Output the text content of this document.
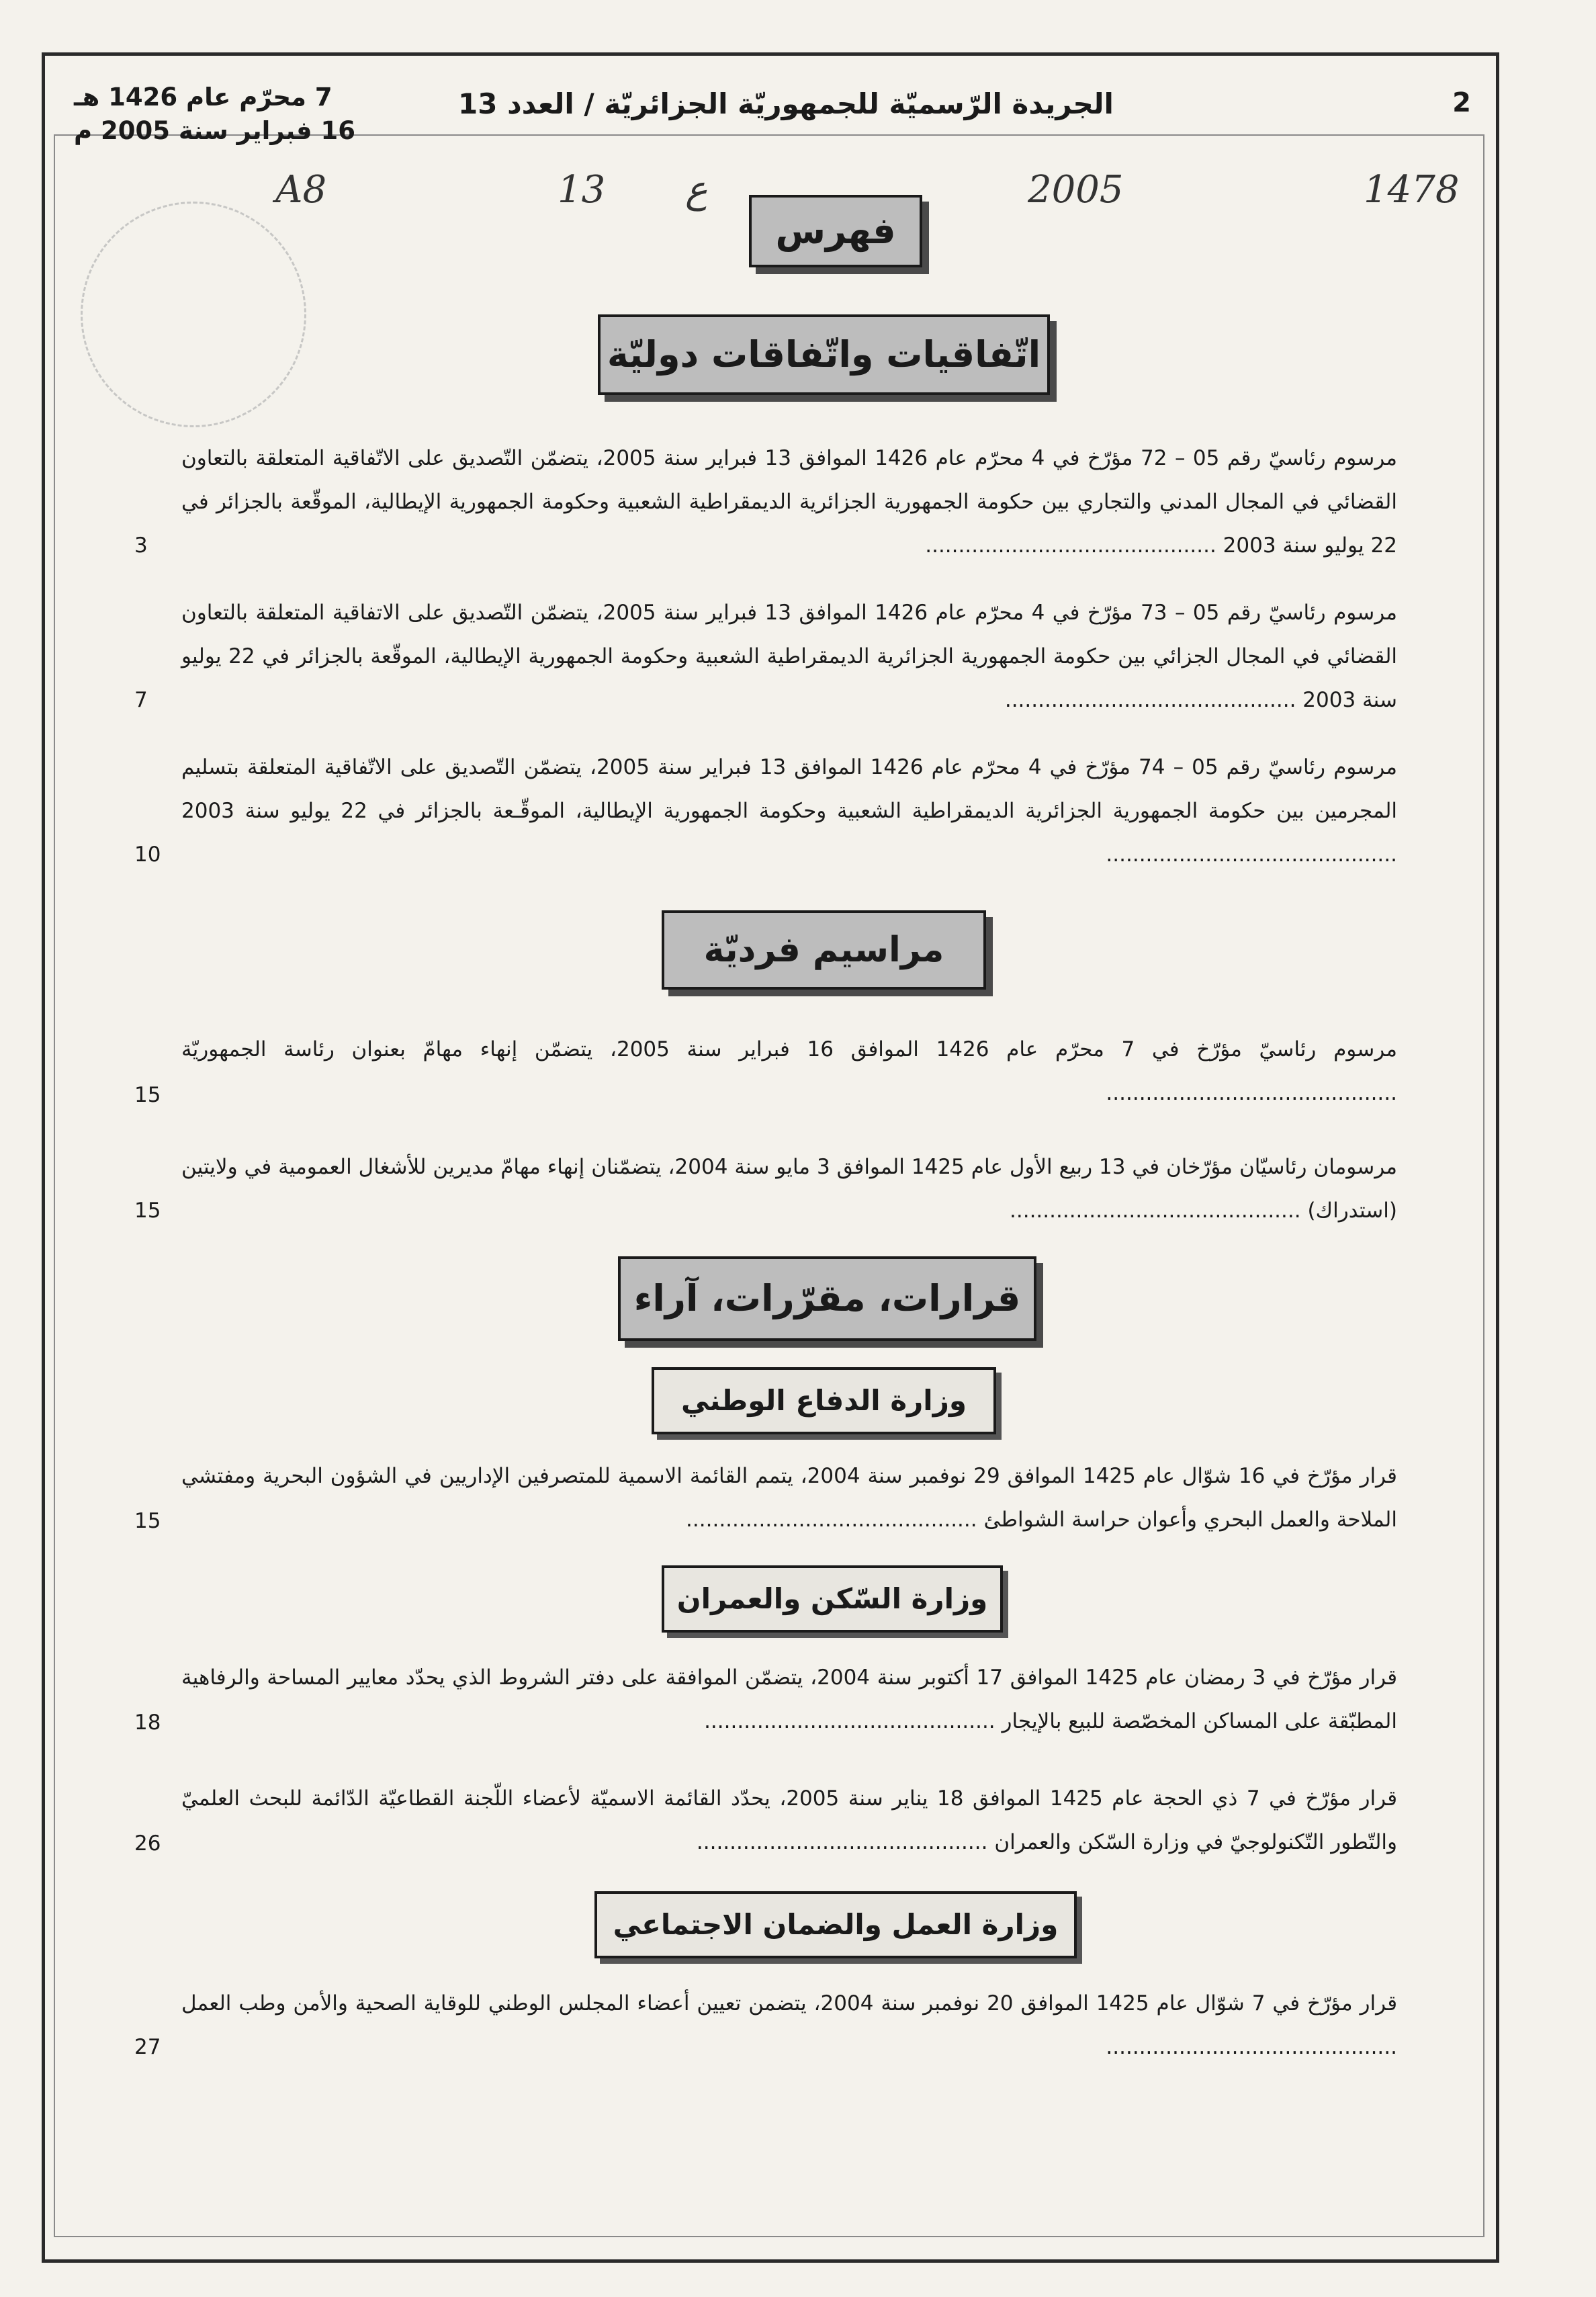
7 محرّم عام 1426 هـ
16 فبراير سنة 2005 م
الجريدة الرّسميّة للجمهوريّة الجزائريّة / العدد 13	2
1478
2005
ع
13
A8
فهرس
اتّفاقيات واتّفاقات دوليّة
مرسوم رئاسيّ رقم 05 – 72 مؤرّخ في 4 محرّم عام 1426 الموافق 13 فبراير سنة 2005، يتضمّن التّصديق على الاتّفاقية المتعلقة بالتعاون القضائي في المجال المدني والتجاري بين حكومة الجمهورية الجزائرية الديمقراطية الشعبية وحكومة الجمهورية الإيطالية، الموقّعة بالجزائر في 22 يوليو سنة 2003 ............................................
3
مرسوم رئاسيّ رقم 05 – 73 مؤرّخ في 4 محرّم عام 1426 الموافق 13 فبراير سنة 2005، يتضمّن التّصديق على الاتفاقية المتعلقة بالتعاون القضائي في المجال الجزائي بين حكومة الجمهورية الجزائرية الديمقراطية الشعبية وحكومة الجمهورية الإيطالية، الموقّعة بالجزائر في 22 يوليو سنة 2003 ............................................
7
مرسوم رئاسيّ رقم 05 – 74 مؤرّخ في 4 محرّم عام 1426 الموافق 13 فبراير سنة 2005، يتضمّن التّصديق على الاتّفاقية المتعلقة بتسليم المجرمين بين حكومة الجمهورية الجزائرية الديمقراطية الشعبية وحكومة الجمهورية الإيطالية، الموقّـعة بالجزائر في 22 يوليو سنة 2003 ............................................
10
مراسيم فرديّة
مرسوم رئاسيّ مؤرّخ في 7 محرّم عام 1426 الموافق 16 فبراير سنة 2005، يتضمّن إنهاء مهامّ بعنوان رئاسة الجمهوريّة ............................................
15
مرسومان رئاسيّان مؤرّخان في 13 ربيع الأول عام 1425 الموافق 3 مايو سنة 2004، يتضمّنان إنهاء مهامّ مديرين للأشغال العمومية في ولايتين (استدراك) ............................................
15
قرارات، مقرّرات، آراء
وزارة الدفاع الوطني
قرار مؤرّخ في 16 شوّال عام 1425 الموافق 29 نوفمبر سنة 2004، يتمم القائمة الاسمية للمتصرفين الإداريين في الشؤون البحرية ومفتشي الملاحة والعمل البحري وأعوان حراسة الشواطئ ............................................
15
وزارة السّكن والعمران
قرار مؤرّخ في 3 رمضان عام 1425 الموافق 17 أكتوبر سنة 2004، يتضمّن الموافقة على دفتر الشروط الذي يحدّد معايير المساحة والرفاهية المطبّقة على المساكن المخصّصة للبيع بالإيجار ............................................
18
قرار مؤرّخ في 7 ذي الحجة عام 1425 الموافق 18 يناير سنة 2005، يحدّد القائمة الاسميّة لأعضاء اللّجنة القطاعيّة الدّائمة للبحث العلميّ والتّطور التّكنولوجيّ في وزارة السّكن والعمران ............................................
26
وزارة العمل والضمان الاجتماعي
قرار مؤرّخ في 7 شوّال عام 1425 الموافق 20 نوفمبر سنة 2004، يتضمن تعيين أعضاء المجلس الوطني للوقاية الصحية والأمن وطب العمل ............................................
27
